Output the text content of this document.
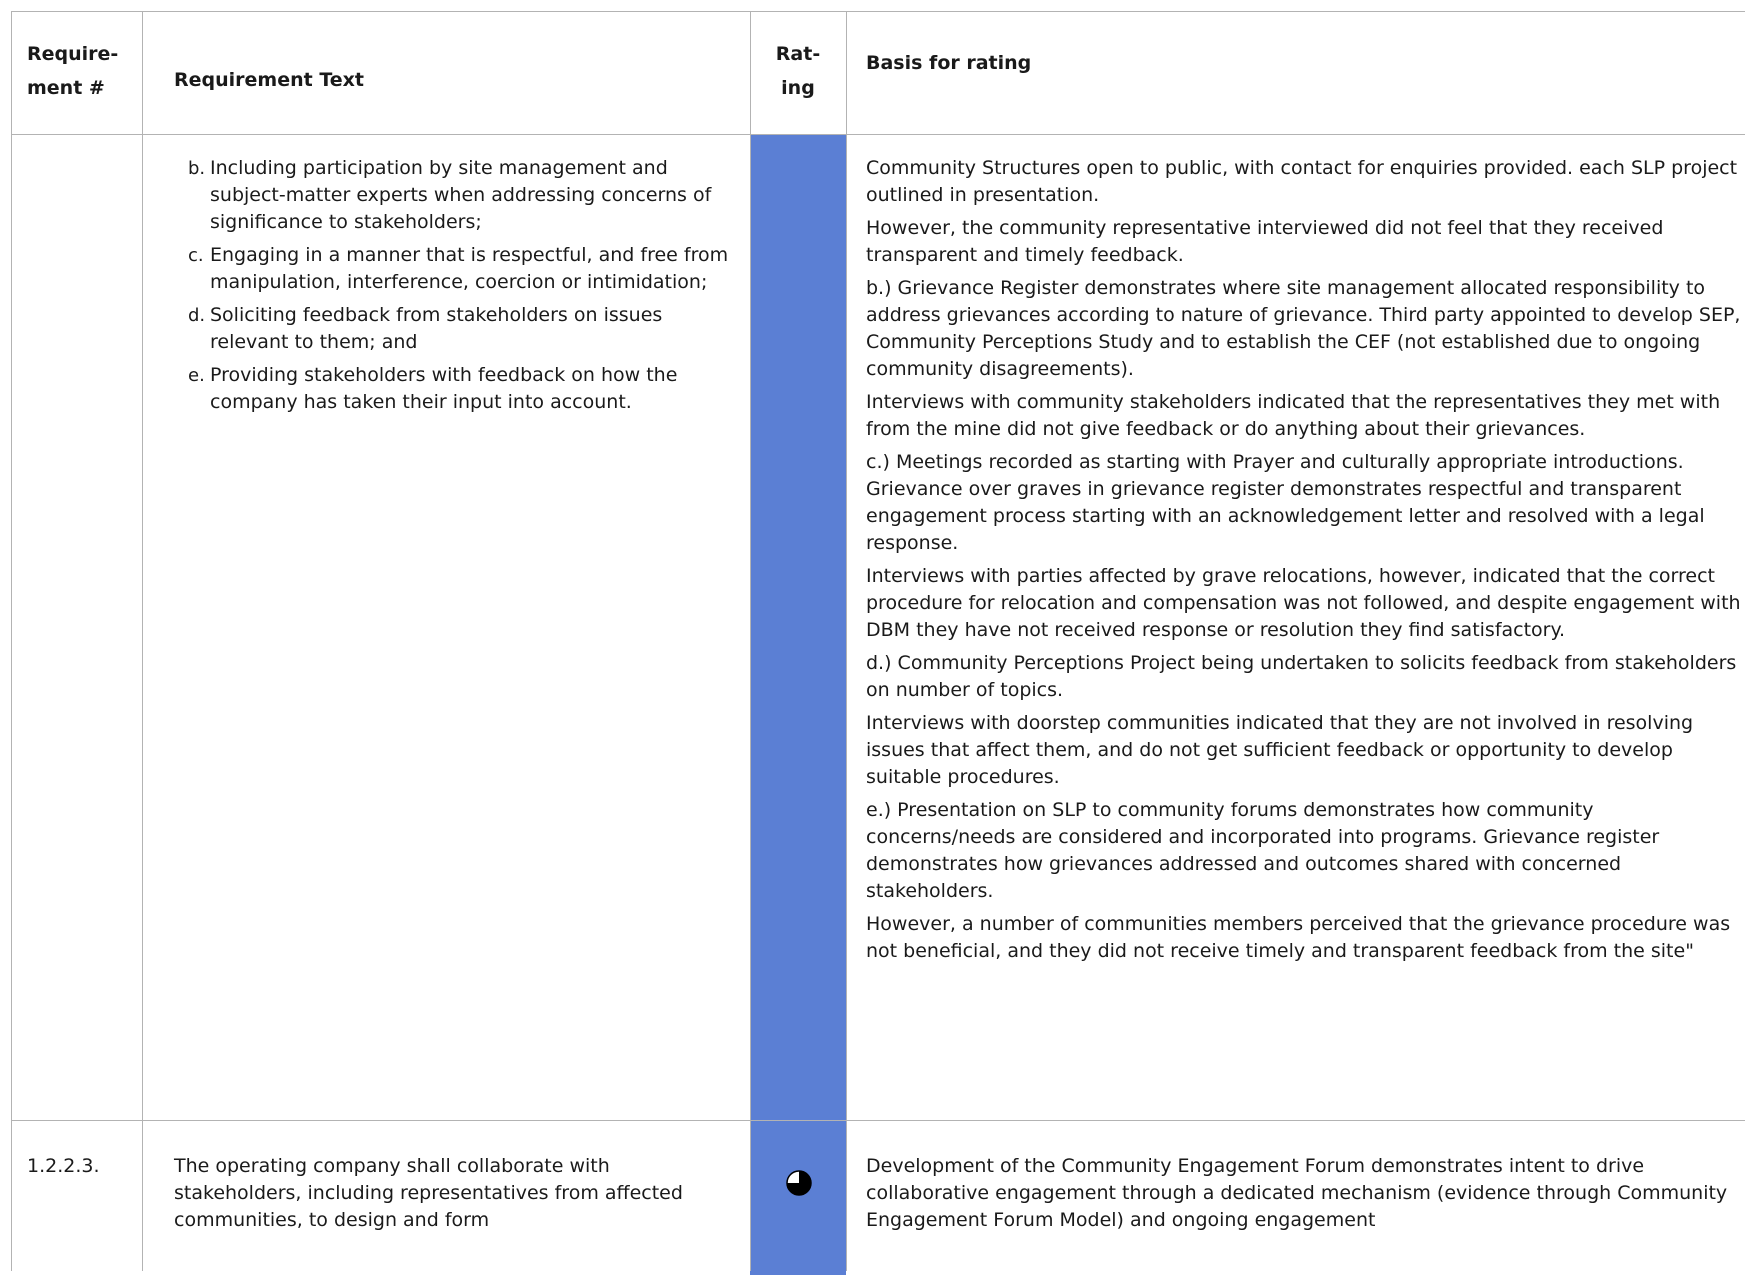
Require-
ment #	Requirement Text
Rat-
ing
Basis for rating
b. Including participation by site management and subject-matter experts when addressing concerns of significance to stakeholders;
c. Engaging in a manner that is respectful, and free from manipulation, interference, coercion or intimidation;
d. Soliciting feedback from stakeholders on issues relevant to them; and
e. Providing stakeholders with feedback on how the company has taken their input into account.

Community Structures open to public, with contact for enquiries provided. each SLP project outlined in presentation.

However, the community representative interviewed did not feel that they received transparent and timely feedback.

b.) Grievance Register demonstrates where site management allocated responsibility to address grievances according to nature of grievance. Third party appointed to develop SEP, Community Perceptions Study and to establish the CEF (not established due to ongoing community disagreements).

Interviews with community stakeholders indicated that the representatives they met with from the mine did not give feedback or do anything about their grievances.

c.) Meetings recorded as starting with Prayer and culturally appropriate introductions. Grievance over graves in grievance register demonstrates respectful and transparent engagement process starting with an acknowledgement letter and resolved with a legal response.

Interviews with parties affected by grave relocations, however, indicated that the correct procedure for relocation and compensation was not followed, and despite engagement with DBM they have not received response or resolution they find satisfactory.

d.) Community Perceptions Project being undertaken to solicits feedback from stakeholders on number of topics.

Interviews with doorstep communities indicated that they are not involved in resolving issues that affect them, and do not get sufficient feedback or opportunity to develop suitable procedures.

e.) Presentation on SLP to community forums demonstrates how community concerns/needs are considered and incorporated into programs. Grievance register demonstrates how grievances addressed and outcomes shared with concerned stakeholders.

However, a number of communities members perceived that the grievance procedure was not beneficial, and they did not receive timely and transparent feedback from the site"

1.2.2.3.	The operating company shall collaborate with stakeholders, including representatives from affected communities, to design and form
Development of the Community Engagement Forum demonstrates intent to drive collaborative engagement through a dedicated mechanism (evidence through Community Engagement Forum Model) and ongoing engagement
